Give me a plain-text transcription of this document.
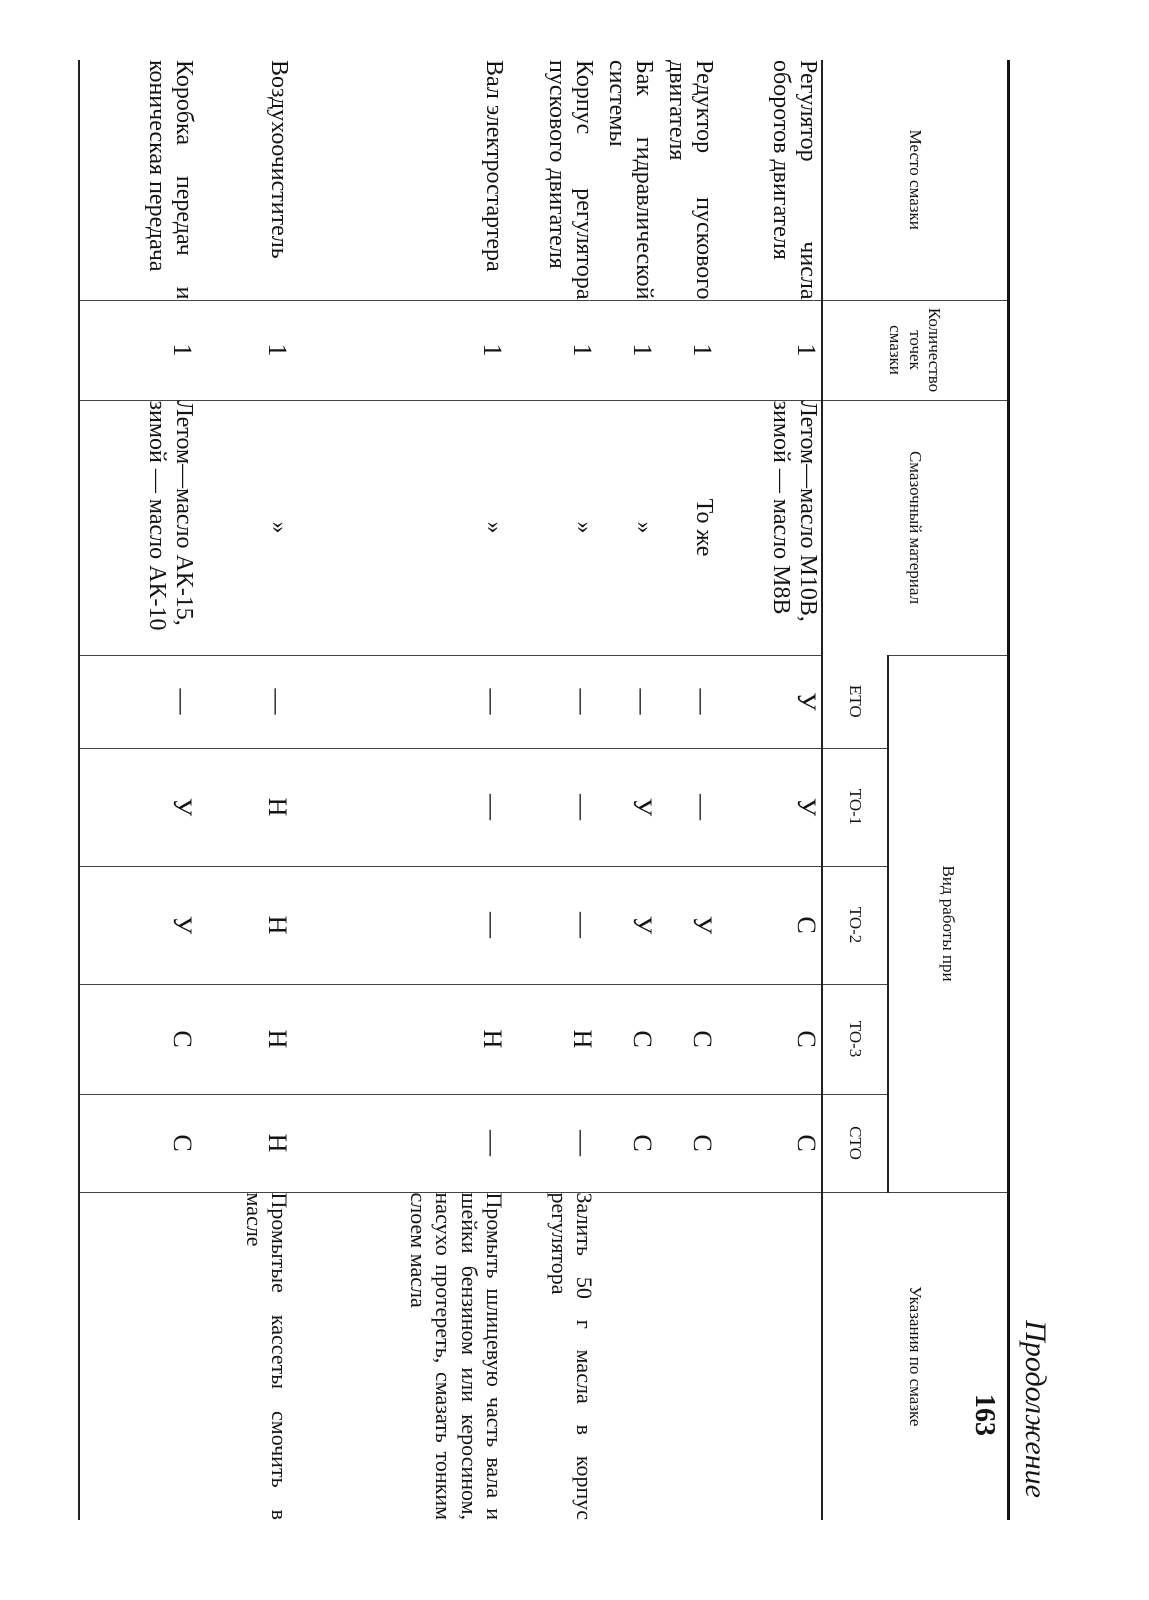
Продолжение
Место смазки	Количество точек смазки	Смазочный материал	Вид работы при					Указания по смазке
			ЕТО	ТО-1	ТО-2	ТО-3	СТО	
Регулятор числа оборотов двигателя	1	Летом—масло М10В, зимой — масло М8В	У	У	С	С	С	
Редуктор пускового двигателя	1	То же	—	—	У	С	С	
Бак гидравлической системы	1	»	—	У	У	С	С	
Корпус регулятора пускового двигателя	1	»	—	—	—	Н	—	Залить 50 г масла в корпус регулятора
Вал электростартера	1	»	—	—	—	Н	—	Промыть шлицевую часть вала и шейки бензином или керосином, насухо протереть, смазать тонким слоем масла
Воздухоочиститель	1	»	—	Н	Н	Н	Н	Промытые кассеты смочить в масле
Коробка передач и коническая передача	1	Летом—масло АК-15, зимой — масло АК-10	—	У	У	С	С	
163
